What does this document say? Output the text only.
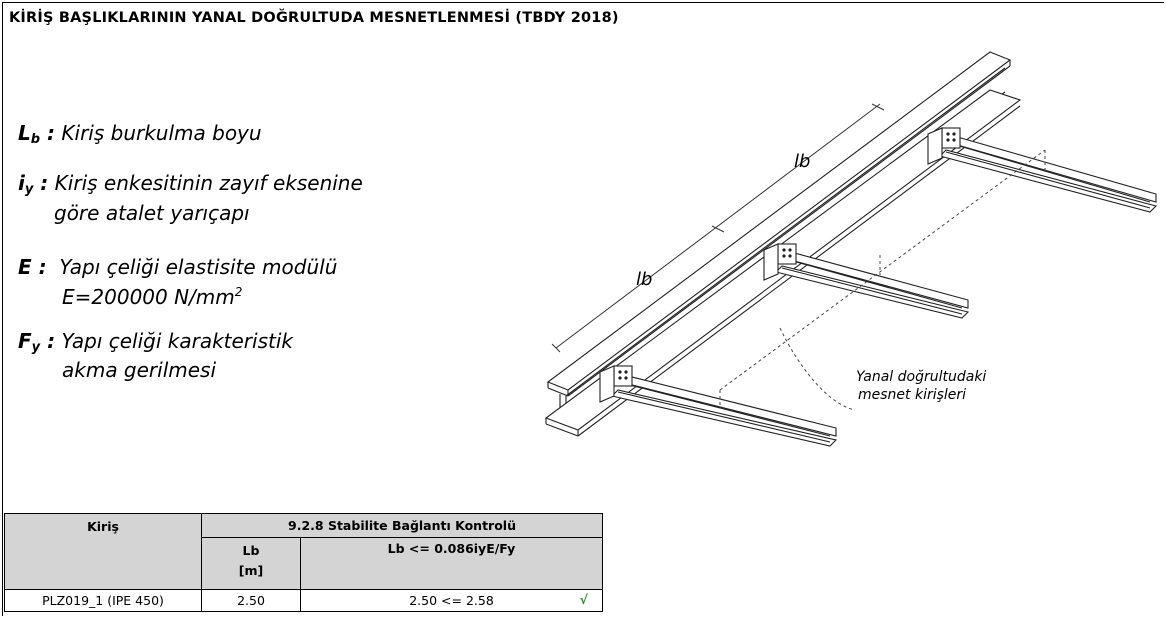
KİRİŞ BAŞLIKLARININ YANAL DOĞRULTUDA MESNETLENMESİ (TBDY 2018)
$L_b$ : Kiriş burkulma boyu
$i_y$ : Kiriş enkesitinin zayıf eksenine
göre atalet yarıçapı
E : Yapı çeliği elastisite modülü
E=200000 $N/mm^2$
$F_y$ : Yapı çeliği karakteristik
akma gerilmesi
lb
lb
Yanal doğrultudaki
mesnet kirişleri
Kiriş	9.2.8 Stabilite Bağlantı Kontrolü	

	Lb
[m]	Lb <= 0.086iyE/Fy
PLZ019_1 (IPE 450)	2.50	2.50 <= 2.58 √
